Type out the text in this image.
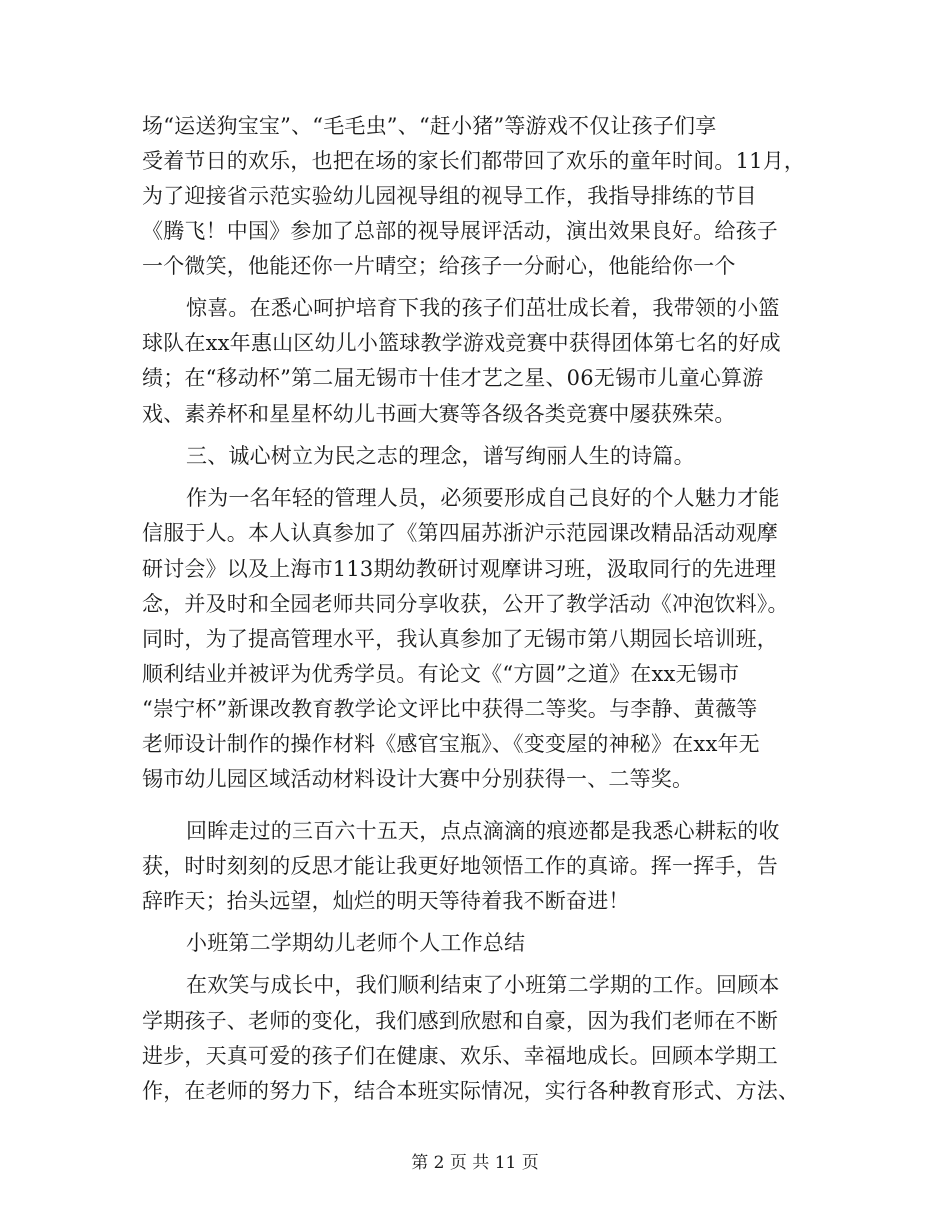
场“运送狗宝宝”、“毛毛虫”、“赶小猪”等游戏不仅让孩子们享
受着节日的欢乐，也把在场的家长们都带回了欢乐的童年时间。11月，
为了迎接省示范实验幼儿园视导组的视导工作，我指导排练的节目
《腾飞！中国》参加了总部的视导展评活动，演出效果良好。给孩子
一个微笑，他能还你一片晴空；给孩子一分耐心，他能给你一个
惊喜。在悉心呵护培育下我的孩子们茁壮成长着，我带领的小篮
球队在xx年惠山区幼儿小篮球教学游戏竞赛中获得团体第七名的好成
绩；在“移动杯”第二届无锡市十佳才艺之星、06无锡市儿童心算游
戏、素养杯和星星杯幼儿书画大赛等各级各类竞赛中屡获殊荣。
三、诚心树立为民之志的理念，谱写绚丽人生的诗篇。
作为一名年轻的管理人员，必须要形成自己良好的个人魅力才能
信服于人。本人认真参加了《第四届苏浙沪示范园课改精品活动观摩
研讨会》以及上海市113期幼教研讨观摩讲习班，汲取同行的先进理
念，并及时和全园老师共同分享收获，公开了教学活动《冲泡饮料》。
同时，为了提高管理水平，我认真参加了无锡市第八期园长培训班，
顺利结业并被评为优秀学员。有论文《“方圆”之道》在xx无锡市
“崇宁杯”新课改教育教学论文评比中获得二等奖。与李静、黄薇等
老师设计制作的操作材料《感官宝瓶》、《变变屋的神秘》在xx年无
锡市幼儿园区域活动材料设计大赛中分别获得一、二等奖。
回眸走过的三百六十五天，点点滴滴的痕迹都是我悉心耕耘的收
获，时时刻刻的反思才能让我更好地领悟工作的真谛。挥一挥手，告
辞昨天；抬头远望，灿烂的明天等待着我不断奋进！
小班第二学期幼儿老师个人工作总结
在欢笑与成长中，我们顺利结束了小班第二学期的工作。回顾本
学期孩子、老师的变化，我们感到欣慰和自豪，因为我们老师在不断
进步，天真可爱的孩子们在健康、欢乐、幸福地成长。回顾本学期工
作，在老师的努力下，结合本班实际情况，实行各种教育形式、方法、
第 2 页 共 11 页
